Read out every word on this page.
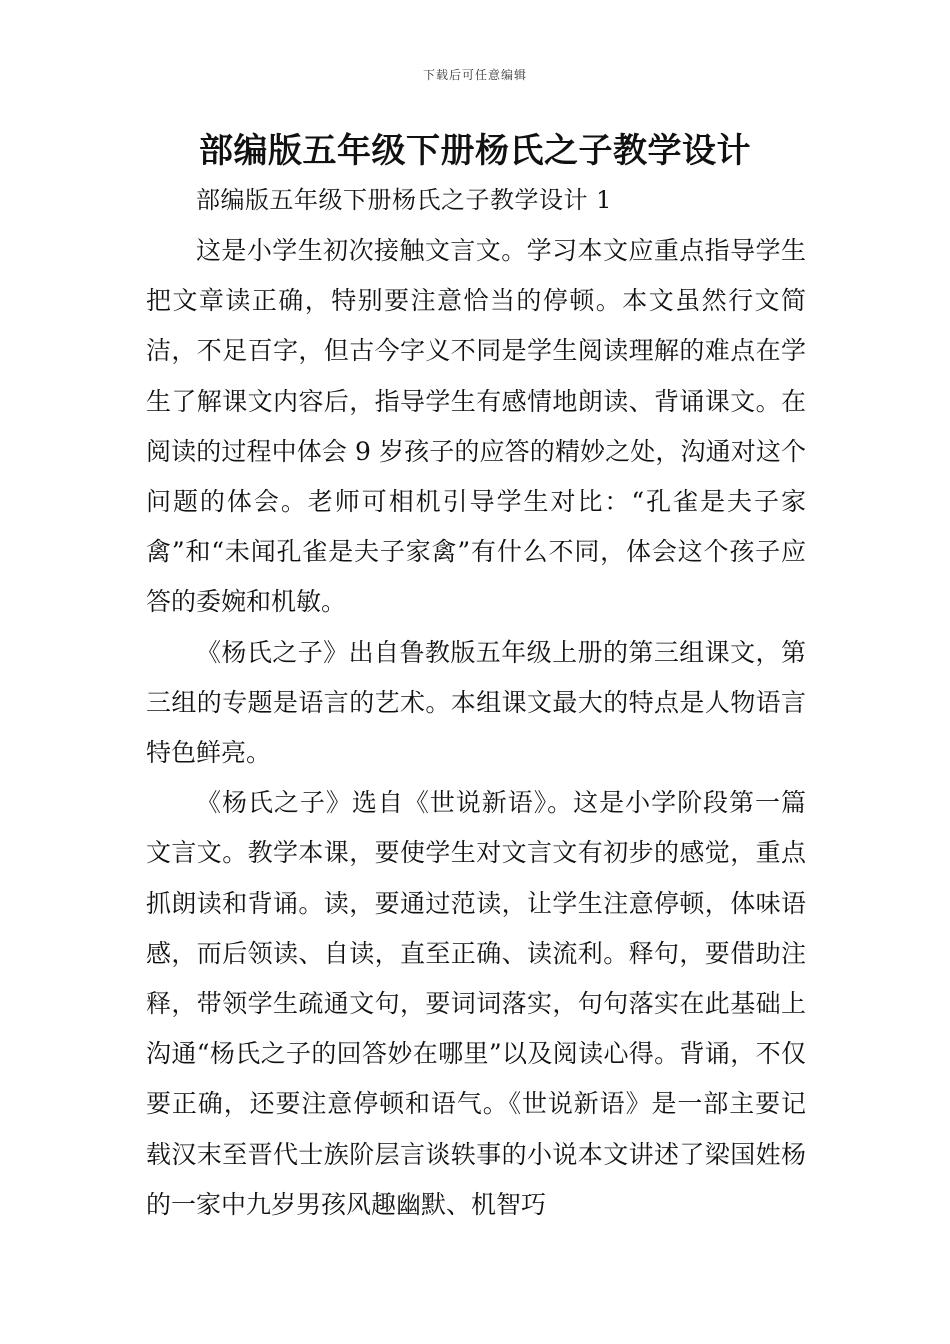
下载后可任意编辑
部编版五年级下册杨氏之子教学设计
部编版五年级下册杨氏之子教学设计 1

这是小学生初次接触文言文。学习本文应重点指导学生把文章读正确，特别要注意恰当的停顿。本文虽然行文简洁，不足百字，但古今字义不同是学生阅读理解的难点在学生了解课文内容后，指导学生有感情地朗读、背诵课文。在阅读的过程中体会 9 岁孩子的应答的精妙之处，沟通对这个问题的体会。老师可相机引导学生对比：“孔雀是夫子家禽”和“未闻孔雀是夫子家禽”有什么不同，体会这个孩子应答的委婉和机敏。

《杨氏之子》出自鲁教版五年级上册的第三组课文，第三组的专题是语言的艺术。本组课文最大的特点是人物语言特色鲜亮。

《杨氏之子》选自《世说新语》。这是小学阶段第一篇文言文。教学本课，要使学生对文言文有初步的感觉，重点抓朗读和背诵。读，要通过范读，让学生注意停顿，体味语感，而后领读、自读，直至正确、读流利。释句，要借助注释，带领学生疏通文句，要词词落实，句句落实在此基础上沟通“杨氏之子的回答妙在哪里”以及阅读心得。背诵，不仅要正确，还要注意停顿和语气。《世说新语》是一部主要记载汉末至晋代士族阶层言谈轶事的小说本文讲述了梁国姓杨的一家中九岁男孩风趣幽默、机智巧
